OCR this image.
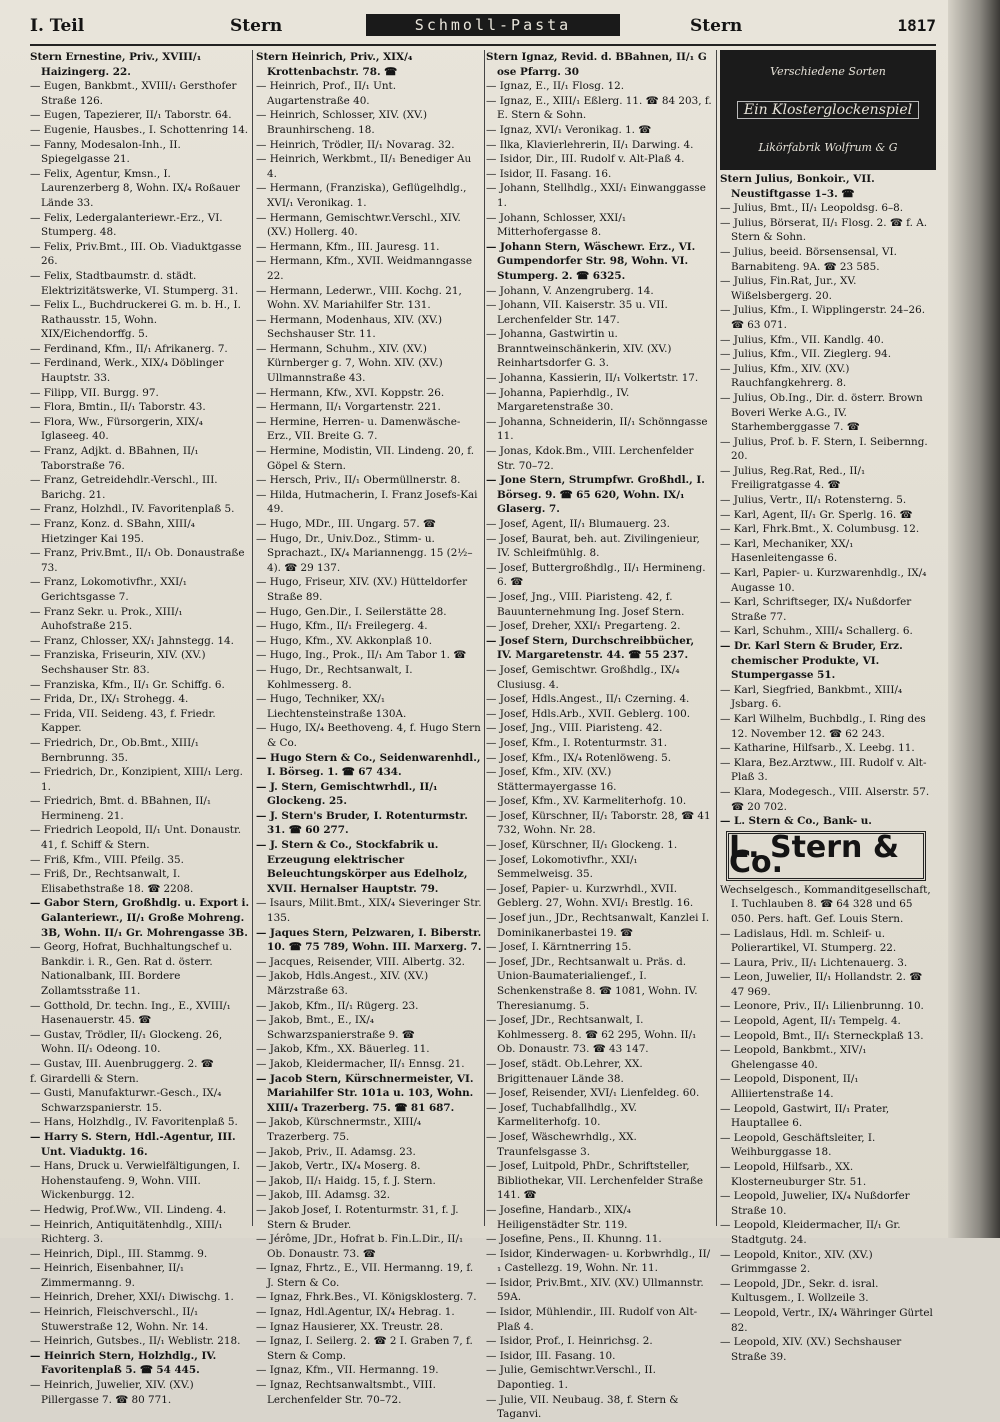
I. Teil	Stern	Schmoll-Pasta	Stern	1817

Stern Ernestine, Priv., XVIII/₁ Haizingerg. 22.

— Eugen, Bankbmt., XVIII/₁ Gersthofer Straße 126.

— Eugen, Tapezierer, II/₁ Taborstr. 64.

— Eugenie, Hausbes., I. Schottenring 14.

— Fanny, Modesalon-Inh., II. Spiegelgasse 21.

— Felix, Agentur, Kmsn., I. Laurenzerberg 8, Wohn. IX/₄ Roßauer Lände 33.

— Felix, Ledergalanteriewr.-Erz., VI. Stumperg. 48.

— Felix, Priv.Bmt., III. Ob. Viaduktgasse 26.

— Felix, Stadtbaumstr. d. städt. Elektrizitätswerke, VI. Stumperg. 31.

— Felix L., Buchdruckerei G. m. b. H., I. Rathausstr. 15, Wohn. XIX/Eichendorffg. 5.

— Ferdinand, Kfm., II/₁ Afrikanerg. 7.

— Ferdinand, Werk., XIX/₄ Döblinger Hauptstr. 33.

— Filipp, VII. Burgg. 97.

— Flora, Bmtin., II/₁ Taborstr. 43.

— Flora, Ww., Fürsorgerin, XIX/₄ Iglaseeg. 40.

— Franz, Adjkt. d. BBahnen, II/₁ Taborstraße 76.

— Franz, Getreidehdlr.-Verschl., III. Barichg. 21.

— Franz, Holzhdl., IV. Favoritenplaß 5.

— Franz, Konz. d. SBahn, XIII/₄ Hietzinger Kai 195.

— Franz, Priv.Bmt., II/₁ Ob. Donaustraße 73.

— Franz, Lokomotivfhr., XXI/₁ Gerichtsgasse 7.

— Franz Sekr. u. Prok., XIII/₁ Auhofstraße 215.

— Franz, Chlosser, XX/₁ Jahnstegg. 14.

— Franziska, Friseurin, XIV. (XV.) Sechshauser Str. 83.

— Franziska, Kfm., II/₁ Gr. Schiffg. 6.

— Frida, Dr., IX/₁ Strohegg. 4.

— Frida, VII. Seideng. 43, f. Friedr. Kapper.

— Friedrich, Dr., Ob.Bmt., XIII/₁ Bernbrunng. 35.

— Friedrich, Dr., Konzipient, XIII/₁ Lerg. 1.

— Friedrich, Bmt. d. BBahnen, II/₁ Hermineng. 21.

— Friedrich Leopold, II/₁ Unt. Donaustr. 41, f. Schiff & Stern.

— Friß, Kfm., VIII. Pfeilg. 35.

— Friß, Dr., Rechtsanwalt, I. Elisabethstraße 18. ☎ 2208.

— Gabor Stern, Großhdlg. u. Export i. Galanteriewr., II/₁ Große Mohreng. 3B, Wohn. II/₁ Gr. Mohrengasse 3B.

— Georg, Hofrat, Buchhaltungschef u. Bankdir. i. R., Gen. Rat d. österr. Nationalbank, III. Bordere Zollamtsstraße 11.

— Gotthold, Dr. techn. Ing., E., XVIII/₁ Hasenauerstr. 45. ☎

— Gustav, Trödler, II/₁ Glockeng. 26, Wohn. II/₁ Odeong. 10.

— Gustav, III. Auenbruggerg. 2. ☎

f. Girardelli & Stern.

— Gusti, Manufakturwr.-Gesch., IX/₄ Schwarzspanierstr. 15.

— Hans, Holzhdlg., IV. Favoritenplaß 5.

— Harry S. Stern, Hdl.-Agentur, III. Unt. Viaduktg. 16.

— Hans, Druck u. Verwielfältigungen, I. Hohenstaufeng. 9, Wohn. VIII. Wickenburgg. 12.

— Hedwig, Prof.Ww., VII. Lindeng. 4.

— Heinrich, Antiquitätenhdlg., XIII/₁ Richterg. 3.

— Heinrich, Dipl., III. Stammg. 9.

— Heinrich, Eisenbahner, II/₁ Zimmermanng. 9.

— Heinrich, Dreher, XXI/₁ Diwischg. 1.

— Heinrich, Fleischverschl., II/₁ Stuwerstraße 12, Wohn. Nr. 14.

— Heinrich, Gutsbes., II/₁ Weblistr. 218.

— Heinrich Stern, Holzhdlg., IV. Favoritenplaß 5. ☎ 54 445.

— Heinrich, Juwelier, XIV. (XV.) Pillergasse 7. ☎ 80 771.

Stern Heinrich, Priv., XIX/₄ Krottenbachstr. 78. ☎

— Heinrich, Prof., II/₁ Unt. Augartenstraße 40.

— Heinrich, Schlosser, XIV. (XV.) Braunhirscheng. 18.

— Heinrich, Trödler, II/₁ Novarag. 32.

— Heinrich, Werkbmt., II/₁ Benediger Au 4.

— Hermann, (Franziska), Geflügelhdlg., XVI/₁ Veronikag. 1.

— Hermann, Gemischtwr.Verschl., XIV. (XV.) Hollerg. 40.

— Hermann, Kfm., III. Jauresg. 11.

— Hermann, Kfm., XVII. Weidmanngasse 22.

— Hermann, Lederwr., VIII. Kochg. 21, Wohn. XV. Mariahilfer Str. 131.

— Hermann, Modenhaus, XIV. (XV.) Sechshauser Str. 11.

— Hermann, Schuhm., XIV. (XV.) Kürnberger g. 7, Wohn. XIV. (XV.) Ullmannstraße 43.

— Hermann, Kfw., XVI. Koppstr. 26.

— Hermann, II/₁ Vorgartenstr. 221.

— Hermine, Herren- u. Damenwäsche-Erz., VII. Breite G. 7.

— Hermine, Modistin, VII. Lindeng. 20, f. Göpel & Stern.

— Hersch, Priv., II/₁ Obermüllnerstr. 8.

— Hilda, Hutmacherin, I. Franz Josefs-Kai 49.

— Hugo, MDr., III. Ungarg. 57. ☎

— Hugo, Dr., Univ.Doz., Stimm- u. Sprachazt., IX/₄ Mariannengg. 15 (2½–4). ☎ 29 137.

— Hugo, Friseur, XIV. (XV.) Hütteldorfer Straße 89.

— Hugo, Gen.Dir., I. Seilerstätte 28.

— Hugo, Kfm., II/₁ Freilegerg. 4.

— Hugo, Kfm., XV. Akkonplaß 10.

— Hugo, Ing., Prok., II/₁ Am Tabor 1. ☎

— Hugo, Dr., Rechtsanwalt, I. Kohlmesserg. 8.

— Hugo, Techniker, XX/₁ Liechtensteinstraße 130A.

— Hugo, IX/₄ Beethoveng. 4, f. Hugo Stern & Co.

— Hugo Stern & Co., Seidenwarenhdl., I. Börseg. 1. ☎ 67 434.

— J. Stern, Gemischtwrhdl., II/₁ Glockeng. 25.

— J. Stern's Bruder, I. Rotenturmstr. 31. ☎ 60 277.

— J. Stern & Co., Stockfabrik u. Erzeugung elektrischer Beleuchtungskörper aus Edelholz, XVII. Hernalser Hauptstr. 79.

— Isaurs, Milit.Bmt., XIX/₄ Sieveringer Str. 135.

— Jaques Stern, Pelzwaren, I. Biberstr. 10. ☎ 75 789, Wohn. III. Marxerg. 7.

— Jacques, Reisender, VIII. Albertg. 32.

— Jakob, Hdls.Angest., XIV. (XV.) Märzstraße 63.

— Jakob, Kfm., II/₁ Rügerg. 23.

— Jakob, Bmt., E., IX/₄ Schwarzspanierstraße 9. ☎

— Jakob, Kfm., XX. Bäuerleg. 11.

— Jakob, Kleidermacher, II/₁ Ennsg. 21.

— Jacob Stern, Kürschnermeister, VI. Mariahilfer Str. 101a u. 103, Wohn. XIII/₄ Trazerberg. 75. ☎ 81 687.

— Jakob, Kürschnermstr., XIII/₄ Trazerberg. 75.

— Jakob, Priv., II. Adamsg. 23.

— Jakob, Vertr., IX/₄ Moserg. 8.

— Jakob, II/₁ Haidg. 15, f. J. Stern.

— Jakob, III. Adamsg. 32.

— Jakob Josef, I. Rotenturmstr. 31, f. J. Stern & Bruder.

— Jérôme, JDr., Hofrat b. Fin.L.Dir., II/₁ Ob. Donaustr. 73. ☎

— Ignaz, Fhrtz., E., VII. Hermanng. 19, f. J. Stern & Co.

— Ignaz, Fhrk.Bes., VI. Königsklosterg. 7.

— Ignaz, Hdl.Agentur, IX/₄ Hebrag. 1.

— Ignaz Hausierer, XX. Treustr. 28.

— Ignaz, I. Seilerg. 2. ☎ 2 I. Graben 7, f. Stern & Comp.

— Ignaz, Kfm., VII. Hermanng. 19.

— Ignaz, Rechtsanwaltsmbt., VIII. Lerchenfelder Str. 70–72.

Stern Ignaz, Revid. d. BBahnen, II/₁ G ose Pfarrg. 30

— Ignaz, E., II/₁ Flosg. 12.

— Ignaz, E., XIII/₁ Eßlerg. 11. ☎ 84 203, f. E. Stern & Sohn.

— Ignaz, XVI/₁ Veronikag. 1. ☎

— Ilka, Klavierlehrerin, II/₁ Darwing. 4.

— Isidor, Dir., III. Rudolf v. Alt-Plaß 4.

— Isidor, II. Fasang. 16.

— Johann, Stellhdlg., XXI/₁ Einwanggasse 1.

— Johann, Schlosser, XXI/₁ Mitterhofergasse 8.

— Johann Stern, Wäschewr. Erz., VI. Gumpendorfer Str. 98, Wohn. VI. Stumperg. 2. ☎ 6325.

— Johann, V. Anzengruberg. 14.

— Johann, VII. Kaiserstr. 35 u. VII. Lerchenfelder Str. 147.

— Johanna, Gastwirtin u. Branntweinschänkerin, XIV. (XV.) Reinhartsdorfer G. 3.

— Johanna, Kassierin, II/₁ Volkertstr. 17.

— Johanna, Papierhdlg., IV. Margaretenstraße 30.

— Johanna, Schneiderin, II/₁ Schönngasse 11.

— Jonas, Kdok.Bm., VIII. Lerchenfelder Str. 70–72.

— Jone Stern, Strumpfwr. Großhdl., I. Börseg. 9. ☎ 65 620, Wohn. IX/₁ Glaserg. 7.

— Josef, Agent, II/₁ Blumauerg. 23.

— Josef, Baurat, beh. aut. Zivilingenieur, IV. Schleifmühlg. 8.

— Josef, Buttergroßhdlg., II/₁ Hermineng. 6. ☎

— Josef, Jng., VIII. Piaristeng. 42, f. Bauunternehmung Ing. Josef Stern.

— Josef, Dreher, XXI/₁ Pregarteng. 2.

— Josef Stern, Durchschreibbücher, IV. Margaretenstr. 44. ☎ 55 237.

— Josef, Gemischtwr. Großhdlg., IX/₄ Clusiusg. 4.

— Josef, Hdls.Angest., II/₁ Czerning. 4.

— Josef, Hdls.Arb., XVII. Geblerg. 100.

— Josef, Jng., VIII. Piaristeng. 42.

— Josef, Kfm., I. Rotenturmstr. 31.

— Josef, Kfm., IX/₄ Rotenlöweng. 5.

— Josef, Kfm., XIV. (XV.) Stättermayergasse 16.

— Josef, Kfm., XV. Karmeliterhofg. 10.

— Josef, Kürschner, II/₁ Taborstr. 28, ☎ 41 732, Wohn. Nr. 28.

— Josef, Kürschner, II/₁ Glockeng. 1.

— Josef, Lokomotivfhr., XXI/₁ Semmelweisg. 35.

— Josef, Papier- u. Kurzwrhdl., XVII. Geblerg. 27, Wohn. XVI/₁ Brestlg. 16.

— Josef jun., JDr., Rechtsanwalt, Kanzlei I. Dominikanerbastei 19. ☎

— Josef, I. Kärntnerring 15.

— Josef, JDr., Rechtsanwalt u. Präs. d. Union-Baumaterialiengef., I. Schenkenstraße 8. ☎ 1081, Wohn. IV. Theresianumg. 5.

— Josef, JDr., Rechtsanwalt, I. Kohlmesserg. 8. ☎ 62 295, Wohn. II/₁ Ob. Donaustr. 73. ☎ 43 147.

— Josef, städt. Ob.Lehrer, XX. Brigittenauer Lände 38.

— Josef, Reisender, XVI/₁ Lienfeldeg. 60.

— Josef, Tuchabfallhdlg., XV. Karmeliterhofg. 10.

— Josef, Wäschewrhdlg., XX. Traunfelsgasse 3.

— Josef, Luitpold, PhDr., Schriftsteller, Bibliothekar, VII. Lerchenfelder Straße 141. ☎

— Josefine, Handarb., XIX/₄ Heiligenstädter Str. 119.

— Josefine, Pens., II. Khunng. 11.

— Isidor, Kinderwagen- u. Korbwrhdlg., II/₁ Castellezg. 19, Wohn. Nr. 11.

— Isidor, Priv.Bmt., XIV. (XV.) Ullmannstr. 59A.

— Isidor, Mühlendir., III. Rudolf von Alt-Plaß 4.

— Isidor, Prof., I. Heinrichsg. 2.

— Isidor, III. Fasang. 10.

— Julie, Gemischtwr.Verschl., II. Dapontieg. 1.

— Julie, VII. Neubaug. 38, f. Stern & Taganvi.

Verschiedene Sorten
Ein Klosterglockenspiel
Likörfabrik Wolfrum & G

Stern Julius, Bonkoir., VII. Neustiftgasse 1–3. ☎

— Julius, Bmt., II/₁ Leopoldsg. 6–8.

— Julius, Börserat, II/₁ Flosg. 2. ☎ f. A. Stern & Sohn.

— Julius, beeid. Börsensensal, VI. Barnabiteng. 9A. ☎ 23 585.

— Julius, Fin.Rat, Jur., XV. Wißelsbergerg. 20.

— Julius, Kfm., I. Wipplingerstr. 24–26. ☎ 63 071.

— Julius, Kfm., VII. Kandlg. 40.

— Julius, Kfm., VII. Zieglerg. 94.

— Julius, Kfm., XIV. (XV.) Rauchfangkehrerg. 8.

— Julius, Ob.Ing., Dir. d. österr. Brown Boveri Werke A.G., IV. Starhemberggasse 7. ☎

— Julius, Prof. b. F. Stern, I. Seibernng. 20.

— Julius, Reg.Rat, Red., II/₁ Freiligratgasse 4. ☎

— Julius, Vertr., II/₁ Rotensterng. 5.

— Karl, Agent, II/₁ Gr. Sperlg. 16. ☎

— Karl, Fhrk.Bmt., X. Columbusg. 12.

— Karl, Mechaniker, XX/₁ Hasenleitengasse 6.

— Karl, Papier- u. Kurzwarenhdlg., IX/₄ Augasse 10.

— Karl, Schriftseger, IX/₄ Nußdorfer Straße 77.

— Karl, Schuhm., XIII/₄ Schallerg. 6.

— Dr. Karl Stern & Bruder, Erz. chemischer Produkte, VI. Stumpergasse 51.

— Karl, Siegfried, Bankbmt., XIII/₄ Jsbarg. 6.

— Karl Wilhelm, Buchbdlg., I. Ring des 12. November 12. ☎ 62 243.

— Katharine, Hilfsarb., X. Leebg. 11.

— Klara, Bez.Arztww., III. Rudolf v. Alt-Plaß 3.

— Klara, Modegesch., VIII. Alserstr. 57. ☎ 20 702.

— L. Stern & Co., Bank- u.

L. Stern & Co.

Wechselgesch., Kommanditgesellschaft, I. Tuchlauben 8. ☎ 64 328 und 65 050. Pers. haft. Gef. Louis Stern.

— Ladislaus, Hdl. m. Schleif- u. Polierartikel, VI. Stumperg. 22.

— Laura, Priv., II/₁ Lichtenauerg. 3.

— Leon, Juwelier, II/₁ Hollandstr. 2. ☎ 47 969.

— Leonore, Priv., II/₁ Lilienbrunng. 10.

— Leopold, Agent, II/₁ Tempelg. 4.

— Leopold, Bmt., II/₁ Sterneckplaß 13.

— Leopold, Bankbmt., XIV/₁ Ghelengasse 40.

— Leopold, Disponent, II/₁ Alliiertenstraße 14.

— Leopold, Gastwirt, II/₁ Prater, Hauptallee 6.

— Leopold, Geschäftsleiter, I. Weihburggasse 18.

— Leopold, Hilfsarb., XX. Klosterneuburger Str. 51.

— Leopold, Juwelier, IX/₄ Nußdorfer Straße 10.

— Leopold, Kleidermacher, II/₁ Gr. Stadtgutg. 24.

— Leopold, Knitor., XIV. (XV.) Grimmgasse 2.

— Leopold, JDr., Sekr. d. isral. Kultusgem., I. Wollzeile 3.

— Leopold, Vertr., IX/₄ Währinger Gürtel 82.

— Leopold, XIV. (XV.) Sechshauser Straße 39.
